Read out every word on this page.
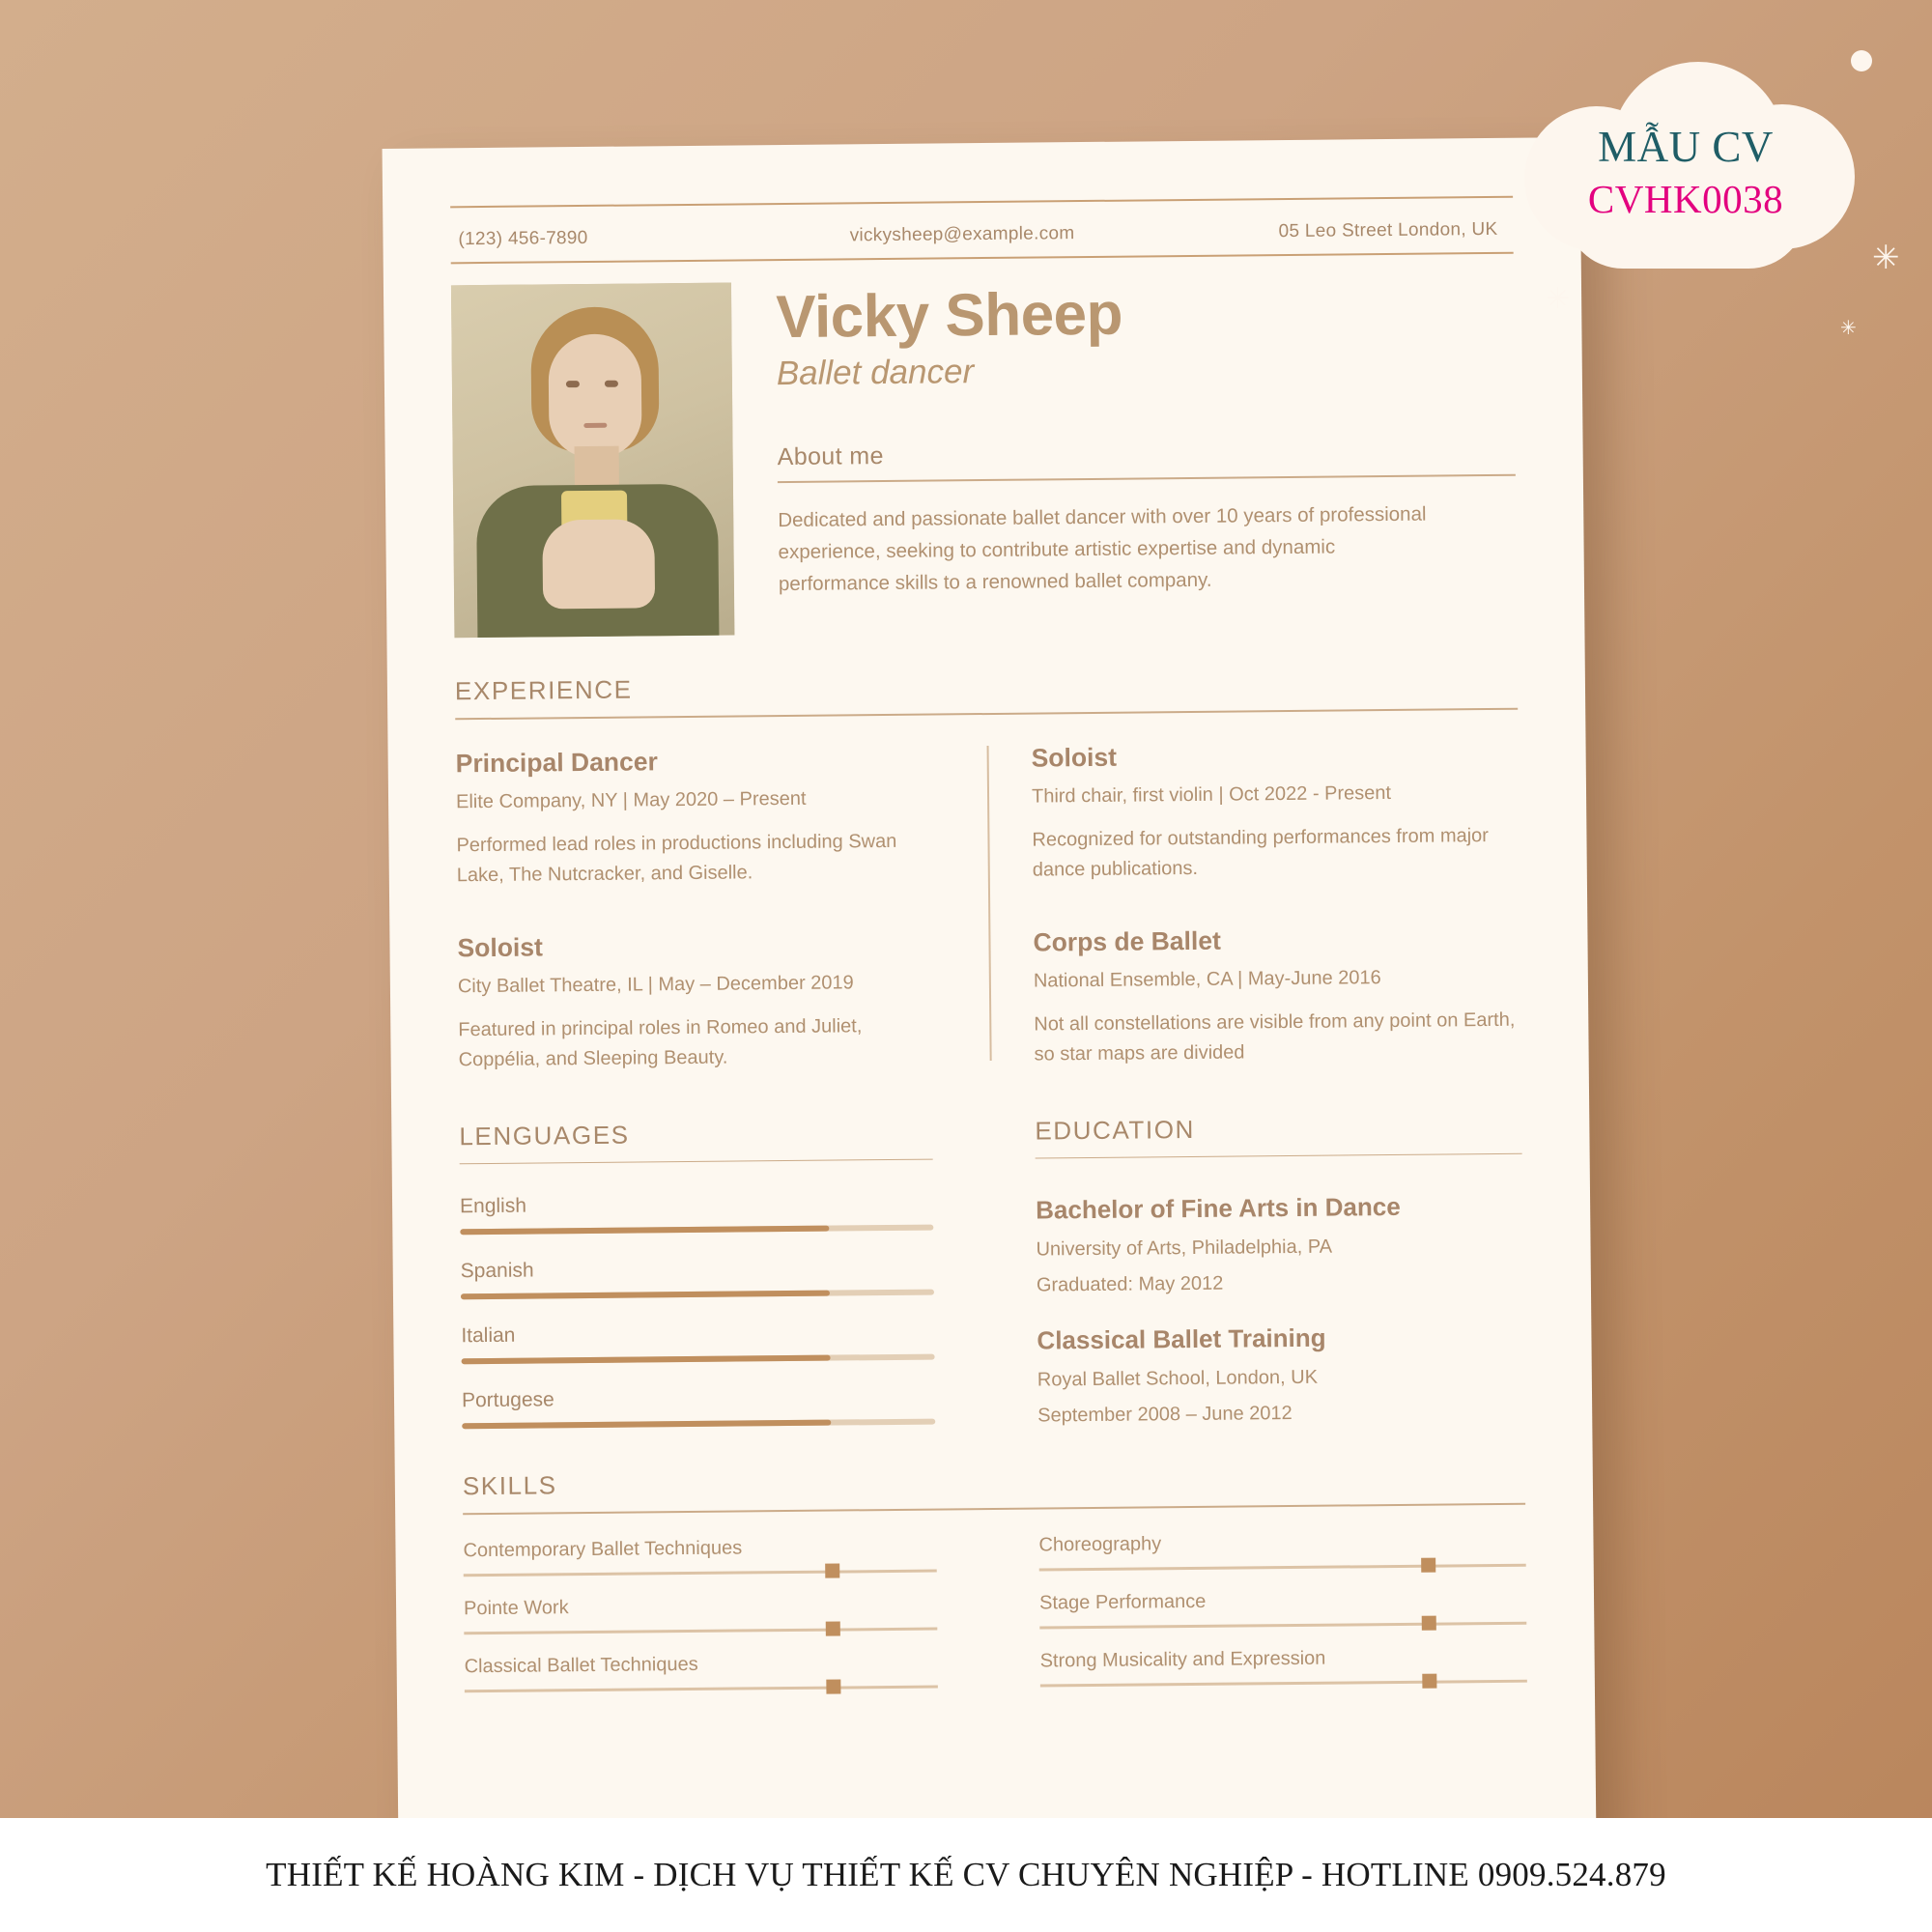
(123) 456-7890	vickysheep@example.com	05 Leo Street London, UK
Vicky Sheep
Ballet dancer
About me
Dedicated and passionate ballet dancer with over 10 years of professional experience, seeking to contribute artistic expertise and dynamic performance skills to a renowned ballet company.
EXPERIENCE
Principal Dancer
Elite Company, NY | May 2020 – Present
Performed lead roles in productions including Swan Lake, The Nutcracker, and Giselle.
Soloist
City Ballet Theatre, IL | May – December 2019
Featured in principal roles in Romeo and Juliet, Coppélia, and Sleeping Beauty.
Soloist
Third chair, first violin | Oct 2022 - Present
Recognized for outstanding performances from major dance publications.
Corps de Ballet
National Ensemble, CA | May-June 2016
Not all constellations are visible from any point on Earth, so star maps are divided
LENGUAGES	EDUCATION
English
Spanish
Italian
Portugese
Bachelor of Fine Arts in Dance
University of Arts, Philadelphia, PA
Graduated: May 2012
Classical Ballet Training
Royal Ballet School, London, UK
September 2008 – June 2012
SKILLS
Contemporary Ballet Techniques
Pointe Work
Classical Ballet Techniques
Choreography
Stage Performance
Strong Musicality and Expression
MẪU CV
CVHK0038
✳
✳
✳
THIẾT KẾ HOÀNG KIM - DỊCH VỤ THIẾT KẾ CV CHUYÊN NGHIỆP - HOTLINE 0909.524.879
